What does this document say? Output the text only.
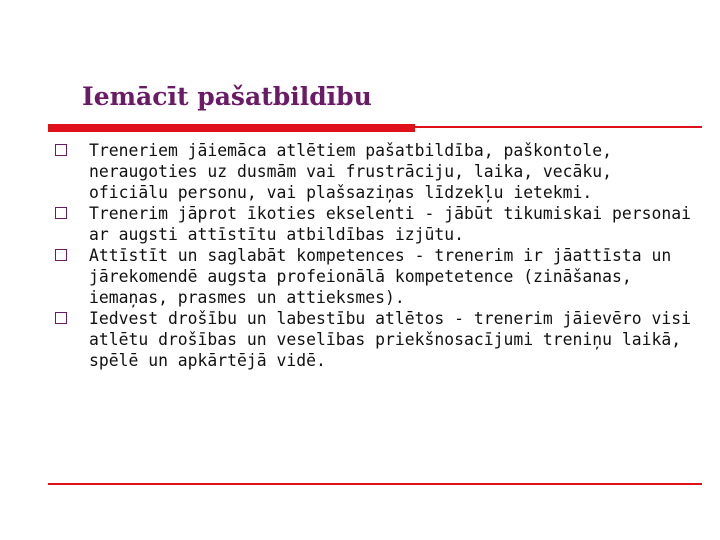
Iemācīt pašatbildību
Treneriem jāiemāca atlētiem pašatbildība, paškontole, neraugoties uz dusmām vai frustrāciju, laika, vecāku, oficiālu personu, vai plašsaziņas līdzekļu ietekmi.
Trenerim jāprot īkoties ekselenti - jābūt tikumiskai personai ar augsti attīstītu atbildības izjūtu.
Attīstīt un saglabāt kompetences - trenerim ir jāattīsta un jārekomendē augsta profeionālā kompetetence (zināšanas, iemaņas, prasmes un attieksmes).
Iedvest drošību un labestību atlētos - trenerim jāievēro visi atlētu drošības un veselības priekšnosacījumi treniņu laikā, spēlē un apkārtējā vidē.
